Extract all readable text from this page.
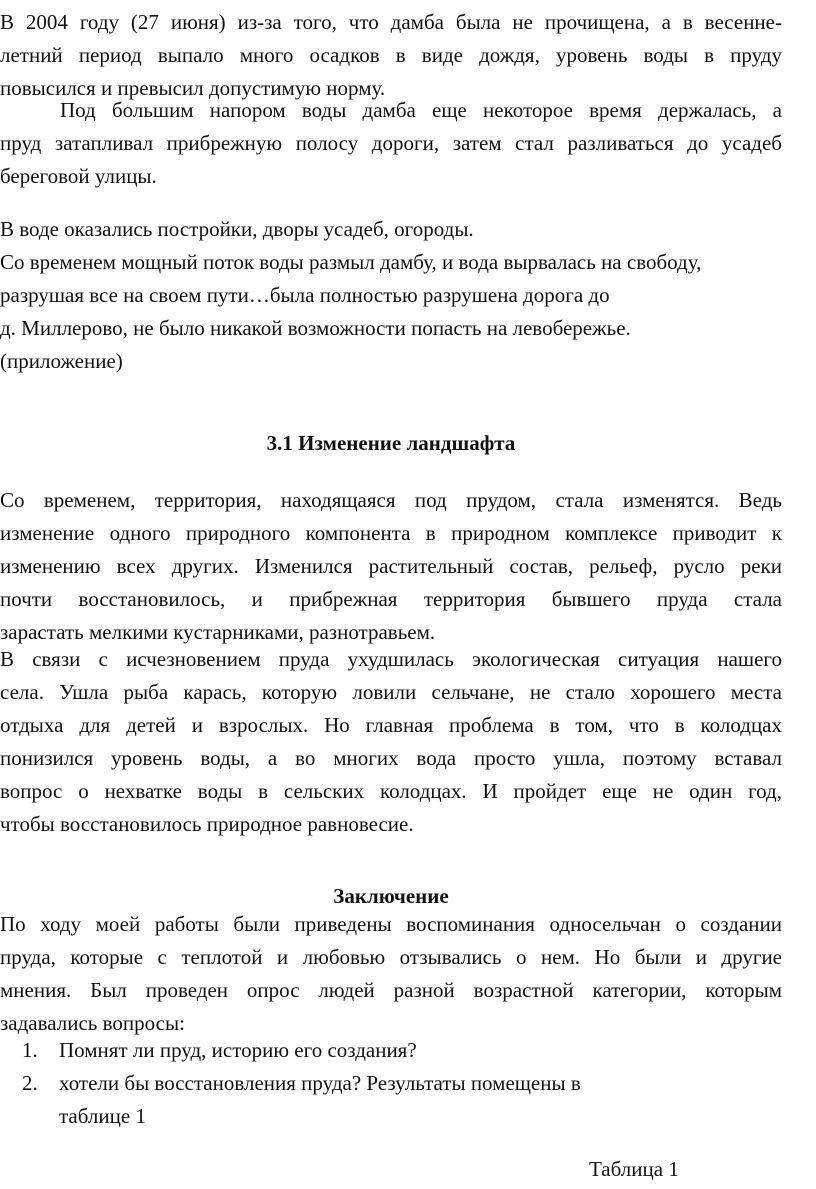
В 2004 году (27 июня) из-за того, что дамба была не прочищена, а в весенне-
летний период выпало много осадков в виде дождя, уровень воды в пруду
повысился и превысил допустимую норму.
Под большим напором воды дамба еще некоторое время держалась, а
пруд затапливал прибрежную полосу дороги, затем стал разливаться до усадеб
береговой улицы.
В воде оказались постройки, дворы усадеб, огороды.
Со временем мощный поток воды размыл дамбу, и вода вырвалась на свободу,
разрушая все на своем пути…была полностью разрушена дорога до
д. Миллерово, не было никакой возможности попасть на левобережье.
(приложение)
3.1 Изменение ландшафта
Со временем, территория, находящаяся под прудом, стала изменятся. Ведь
изменение одного природного компонента в природном комплексе приводит к
изменению всех других. Изменился растительный состав, рельеф, русло реки
почти восстановилось, и прибрежная территория бывшего пруда стала
зарастать мелкими кустарниками, разнотравьем.
В связи с исчезновением пруда ухудшилась экологическая ситуация нашего
села. Ушла рыба карась, которую ловили сельчане, не стало хорошего места
отдыха для детей и взрослых. Но главная проблема в том, что в колодцах
понизился уровень воды, а во многих вода просто ушла, поэтому вставал
вопрос о нехватке воды в сельских колодцах. И пройдет еще не один год,
чтобы восстановилось природное равновесие.
Заключение
По ходу моей работы были приведены воспоминания односельчан о создании
пруда, которые с теплотой и любовью отзывались о нем. Но были и другие
мнения. Был проведен опрос людей разной возрастной категории, которым
задавались вопросы:
1. Помнят ли пруд, историю его создания?
2. хотели бы восстановления пруда? Результаты помещены в
таблице 1

Таблица 1
